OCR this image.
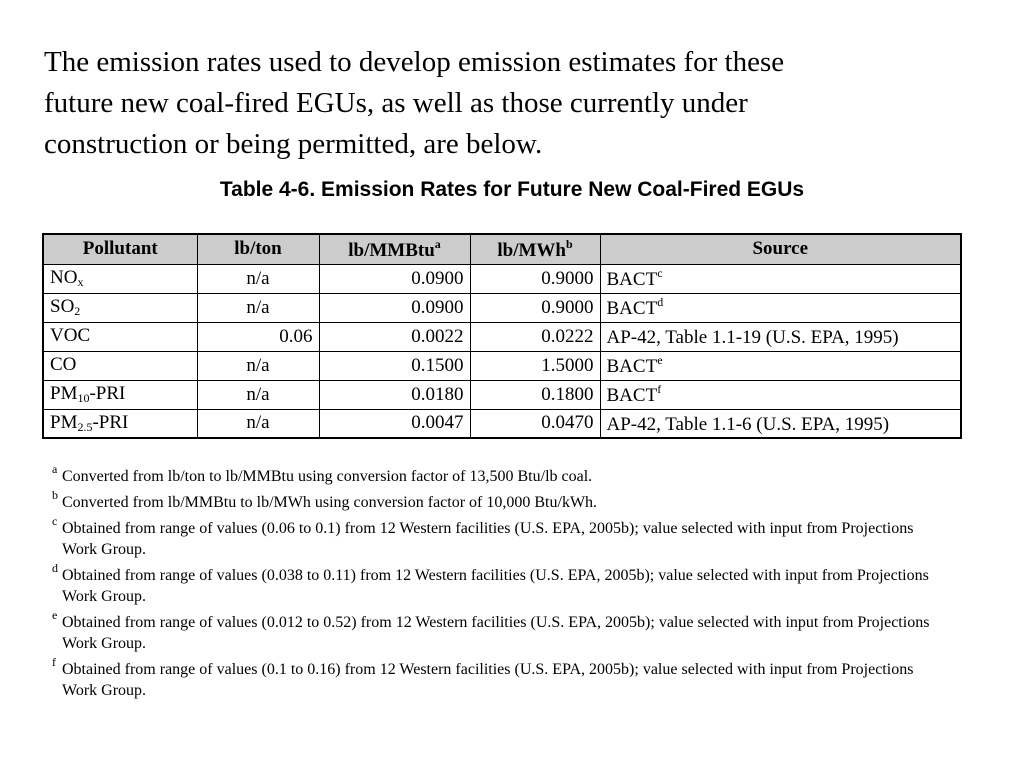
The emission rates used to develop emission estimates for these
future new coal-fired EGUs, as well as those currently under
construction or being permitted, are below.

Table 4-6. Emission Rates for Future New Coal-Fired EGUs
Pollutant	lb/ton	lb/MMBtu$^a$	lb/MWh$^b$	Source
$NO_x$	n/a	0.0900	0.9000	BACT$^c$
$SO_2$	n/a	0.0900	0.9000	BACT$^d$
VOC	0.06	0.0022	0.0222	AP-42, Table 1.1-19 (U.S. EPA, 1995)
CO	n/a	0.1500	1.5000	BACT$^e$
$PM_{10}$-PRI	n/a	0.0180	0.1800	BACT$^f$
$PM_{2.5}$-PRI	n/a	0.0047	0.0470	AP-42, Table 1.1-6 (U.S. EPA, 1995)
a Converted from lb/ton to lb/MMBtu using conversion factor of 13,500 Btu/lb coal.
b Converted from lb/MMBtu to lb/MWh using conversion factor of 10,000 Btu/kWh.
c Obtained from range of values (0.06 to 0.1) from 12 Western facilities (U.S. EPA, 2005b); value selected with input from Projections Work Group.
d Obtained from range of values (0.038 to 0.11) from 12 Western facilities (U.S. EPA, 2005b); value selected with input from Projections Work Group.
e Obtained from range of values (0.012 to 0.52) from 12 Western facilities (U.S. EPA, 2005b); value selected with input from Projections Work Group.
f Obtained from range of values (0.1 to 0.16) from 12 Western facilities (U.S. EPA, 2005b); value selected with input from Projections Work Group.
